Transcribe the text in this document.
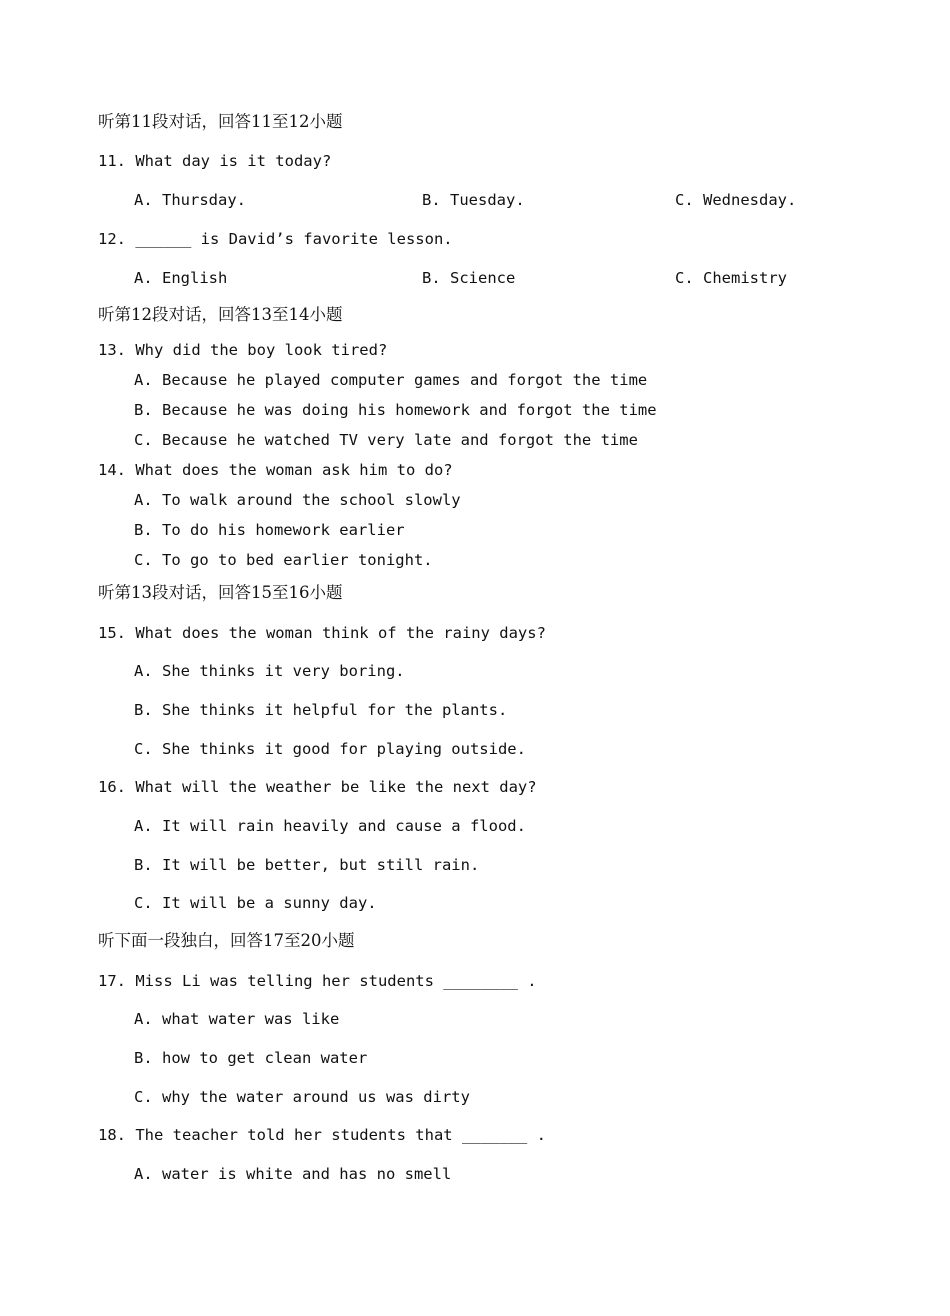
听第11段对话，回答11至12小题
11. What day is it today?
A. Thursday.	B. Tuesday.	C. Wednesday.
12. ______ is David’s favorite lesson.
A. English	B. Science	C. Chemistry
听第12段对话，回答13至14小题
13. Why did the boy look tired?
A. Because he played computer games and forgot the time
B. Because he was doing his homework and forgot the time
C. Because he watched TV very late and forgot the time
14. What does the woman ask him to do?
A. To walk around the school slowly
B. To do his homework earlier
C. To go to bed earlier tonight.
听第13段对话，回答15至16小题
15. What does the woman think of the rainy days?
A. She thinks it very boring.
B. She thinks it helpful for the plants.
C. She thinks it good for playing outside.
16. What will the weather be like the next day?
A. It will rain heavily and cause a flood.
B. It will be better, but still rain.
C. It will be a sunny day.
听下面一段独白，回答17至20小题
17. Miss Li was telling her students ________ .
A. what water was like
B. how to get clean water
C. why the water around us was dirty
18. The teacher told her students that _______ .
A. water is white and has no smell
